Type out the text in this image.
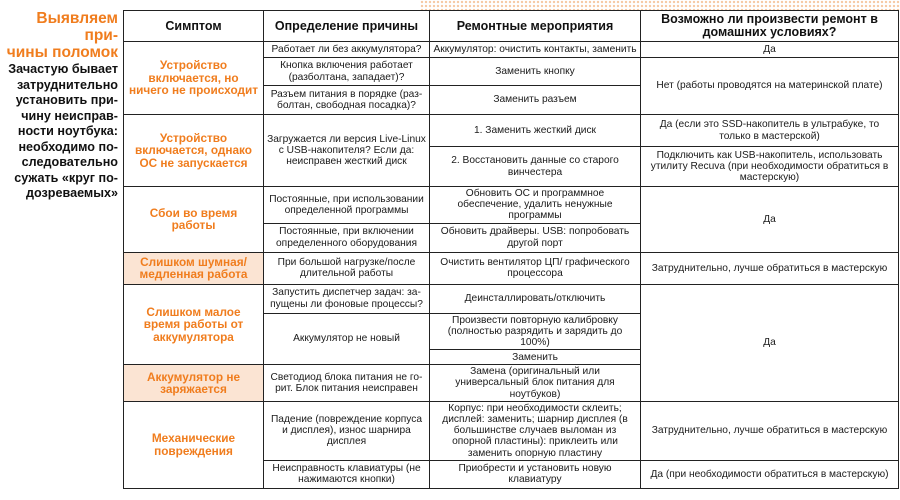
Выявляем при-
чины поломок
Зачастую бывает
затруднительно
установить при-
чину неисправ-
ности ноутбука:
необходимо по-
следовательно
сужать «круг по-
дозреваемых»
Симптом	Определение причины	Ремонтные мероприятия	Возможно ли произвести ремонт в домашних условиях?
Устройство включается, но ничего не происходит	Работает ли без аккумулятора?	Аккумулятор: очистить контакты, заменить	Да
	Кнопка включения работает (разболтана, западает)?	Заменить кнопку	Нет (работы проводятся на материнской плате)
	Разъем питания в порядке (разболтан, свободная посадка)?	Заменить разъем	
Устройство включается, однако ОС не запускается	Загружается ли версия Live-Linux с USB-накопителя? Если да: неисправен жесткий диск	1. Заменить жесткий диск	Да (если это SSD-накопитель в ультрабуке, то только в мастерской)
		2. Восстановить данные со старого винчестера	Подключить как USB-накопитель, использовать утилиту Recuva (при необходимости обратиться в мастерскую)
Сбои во время работы	Постоянные, при использовании определенной программы	Обновить ОС и программное обеспечение, удалить ненужные программы	Да
	Постоянные, при включении определенного оборудования	Обновить драйверы. USB: попробовать другой порт	
Слишком шумная/ медленная работа	При большой нагрузке/после длительной работы	Очистить вентилятор ЦП/ графического процессора	Затруднительно, лучше обратиться в мастерскую
Слишком малое время работы от аккумулятора	Запустить диспетчер задач: запущены ли фоновые процессы?	Деинсталлировать/отключить	Да
	Аккумулятор не новый	Произвести повторную калибровку (полностью разрядить и зарядить до 100%)	
		Заменить	
Аккумулятор не заряжается	Светодиод блока питания не горит. Блок питания неисправен	Замена (оригинальный или универсальный блок питания для ноутбуков)	
Механические повреждения	Падение (повреждение корпуса и дисплея), износ шарнира дисплея	Корпус: при необходимости склеить; дисплей: заменить; шарнир дисплея (в большинстве случаев выломан из опорной пластины): приклеить или заменить опорную пластину	Затруднительно, лучше обратиться в мастерскую
	Неисправность клавиатуры (не нажимаются кнопки)	Приобрести и установить новую клавиатуру	Да (при необходимости обратиться в мастерскую)
